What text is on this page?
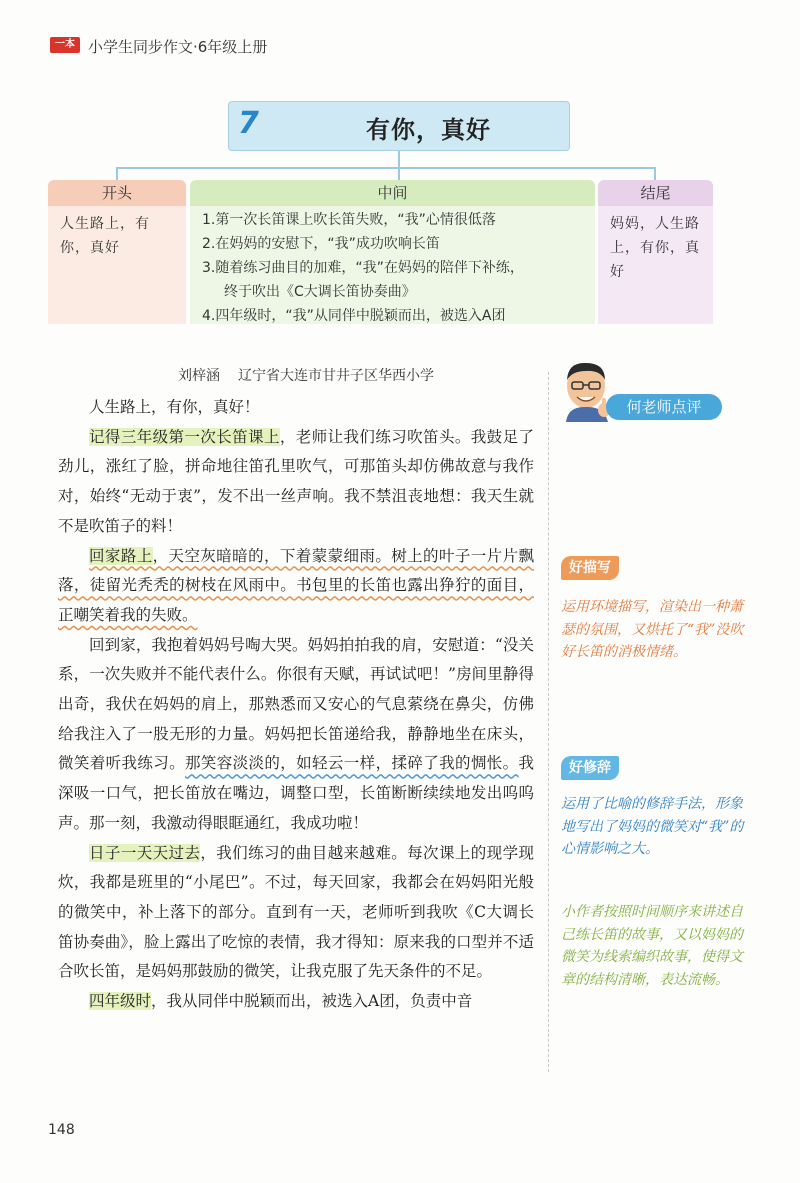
一本 小学生同步作文·6年级上册
7	有你，真好
开头
人生路上，有你，真好
中间
1.第一次长笛课上吹长笛失败，“我”心情很低落
2.在妈妈的安慰下，“我”成功吹响长笛
3.随着练习曲目的加难，“我”在妈妈的陪伴下补练，
终于吹出《C大调长笛协奏曲》
4.四年级时，“我”从同伴中脱颖而出，被选入A团
结尾
妈妈，人生路上，有你，真好
刘梓涵 辽宁省大连市甘井子区华西小学

人生路上，有你，真好！

记得三年级第一次长笛课上，老师让我们练习吹笛头。我鼓足了劲儿，涨红了脸，拼命地往笛孔里吹气，可那笛头却仿佛故意与我作对，始终“无动于衷”，发不出一丝声响。我不禁沮丧地想：我天生就不是吹笛子的料！

回家路上，天空灰暗暗的，下着蒙蒙细雨。树上的叶子一片片飘落，徒留光秃秃的树枝在风雨中。书包里的长笛也露出狰狞的面目，正嘲笑着我的失败。

回到家，我抱着妈妈号啕大哭。妈妈拍拍我的肩，安慰道：“没关系，一次失败并不能代表什么。你很有天赋，再试试吧！”房间里静得出奇，我伏在妈妈的肩上，那熟悉而又安心的气息萦绕在鼻尖，仿佛给我注入了一股无形的力量。妈妈把长笛递给我，静静地坐在床头，微笑着听我练习。那笑容淡淡的，如轻云一样，揉碎了我的惆怅。我深吸一口气，把长笛放在嘴边，调整口型，长笛断断续续地发出呜呜声。那一刻，我激动得眼眶通红，我成功啦！

日子一天天过去，我们练习的曲目越来越难。每次课上的现学现炊，我都是班里的“小尾巴”。不过，每天回家，我都会在妈妈阳光般的微笑中，补上落下的部分。直到有一天，老师听到我吹《C大调长笛协奏曲》，脸上露出了吃惊的表情，我才得知：原来我的口型并不适合吹长笛，是妈妈那鼓励的微笑，让我克服了先天条件的不足。

四年级时，我从同伴中脱颖而出，被选入A团，负责中音

何老师点评
好描写
运用环境描写，渲染出一种萧瑟的氛围，又烘托了“我”没吹好长笛的消极情绪。
好修辞
运用了比喻的修辞手法，形象地写出了妈妈的微笑对“我”的心情影响之大。
小作者按照时间顺序来讲述自己练长笛的故事，又以妈妈的微笑为线索编织故事，使得文章的结构清晰，表达流畅。
148
